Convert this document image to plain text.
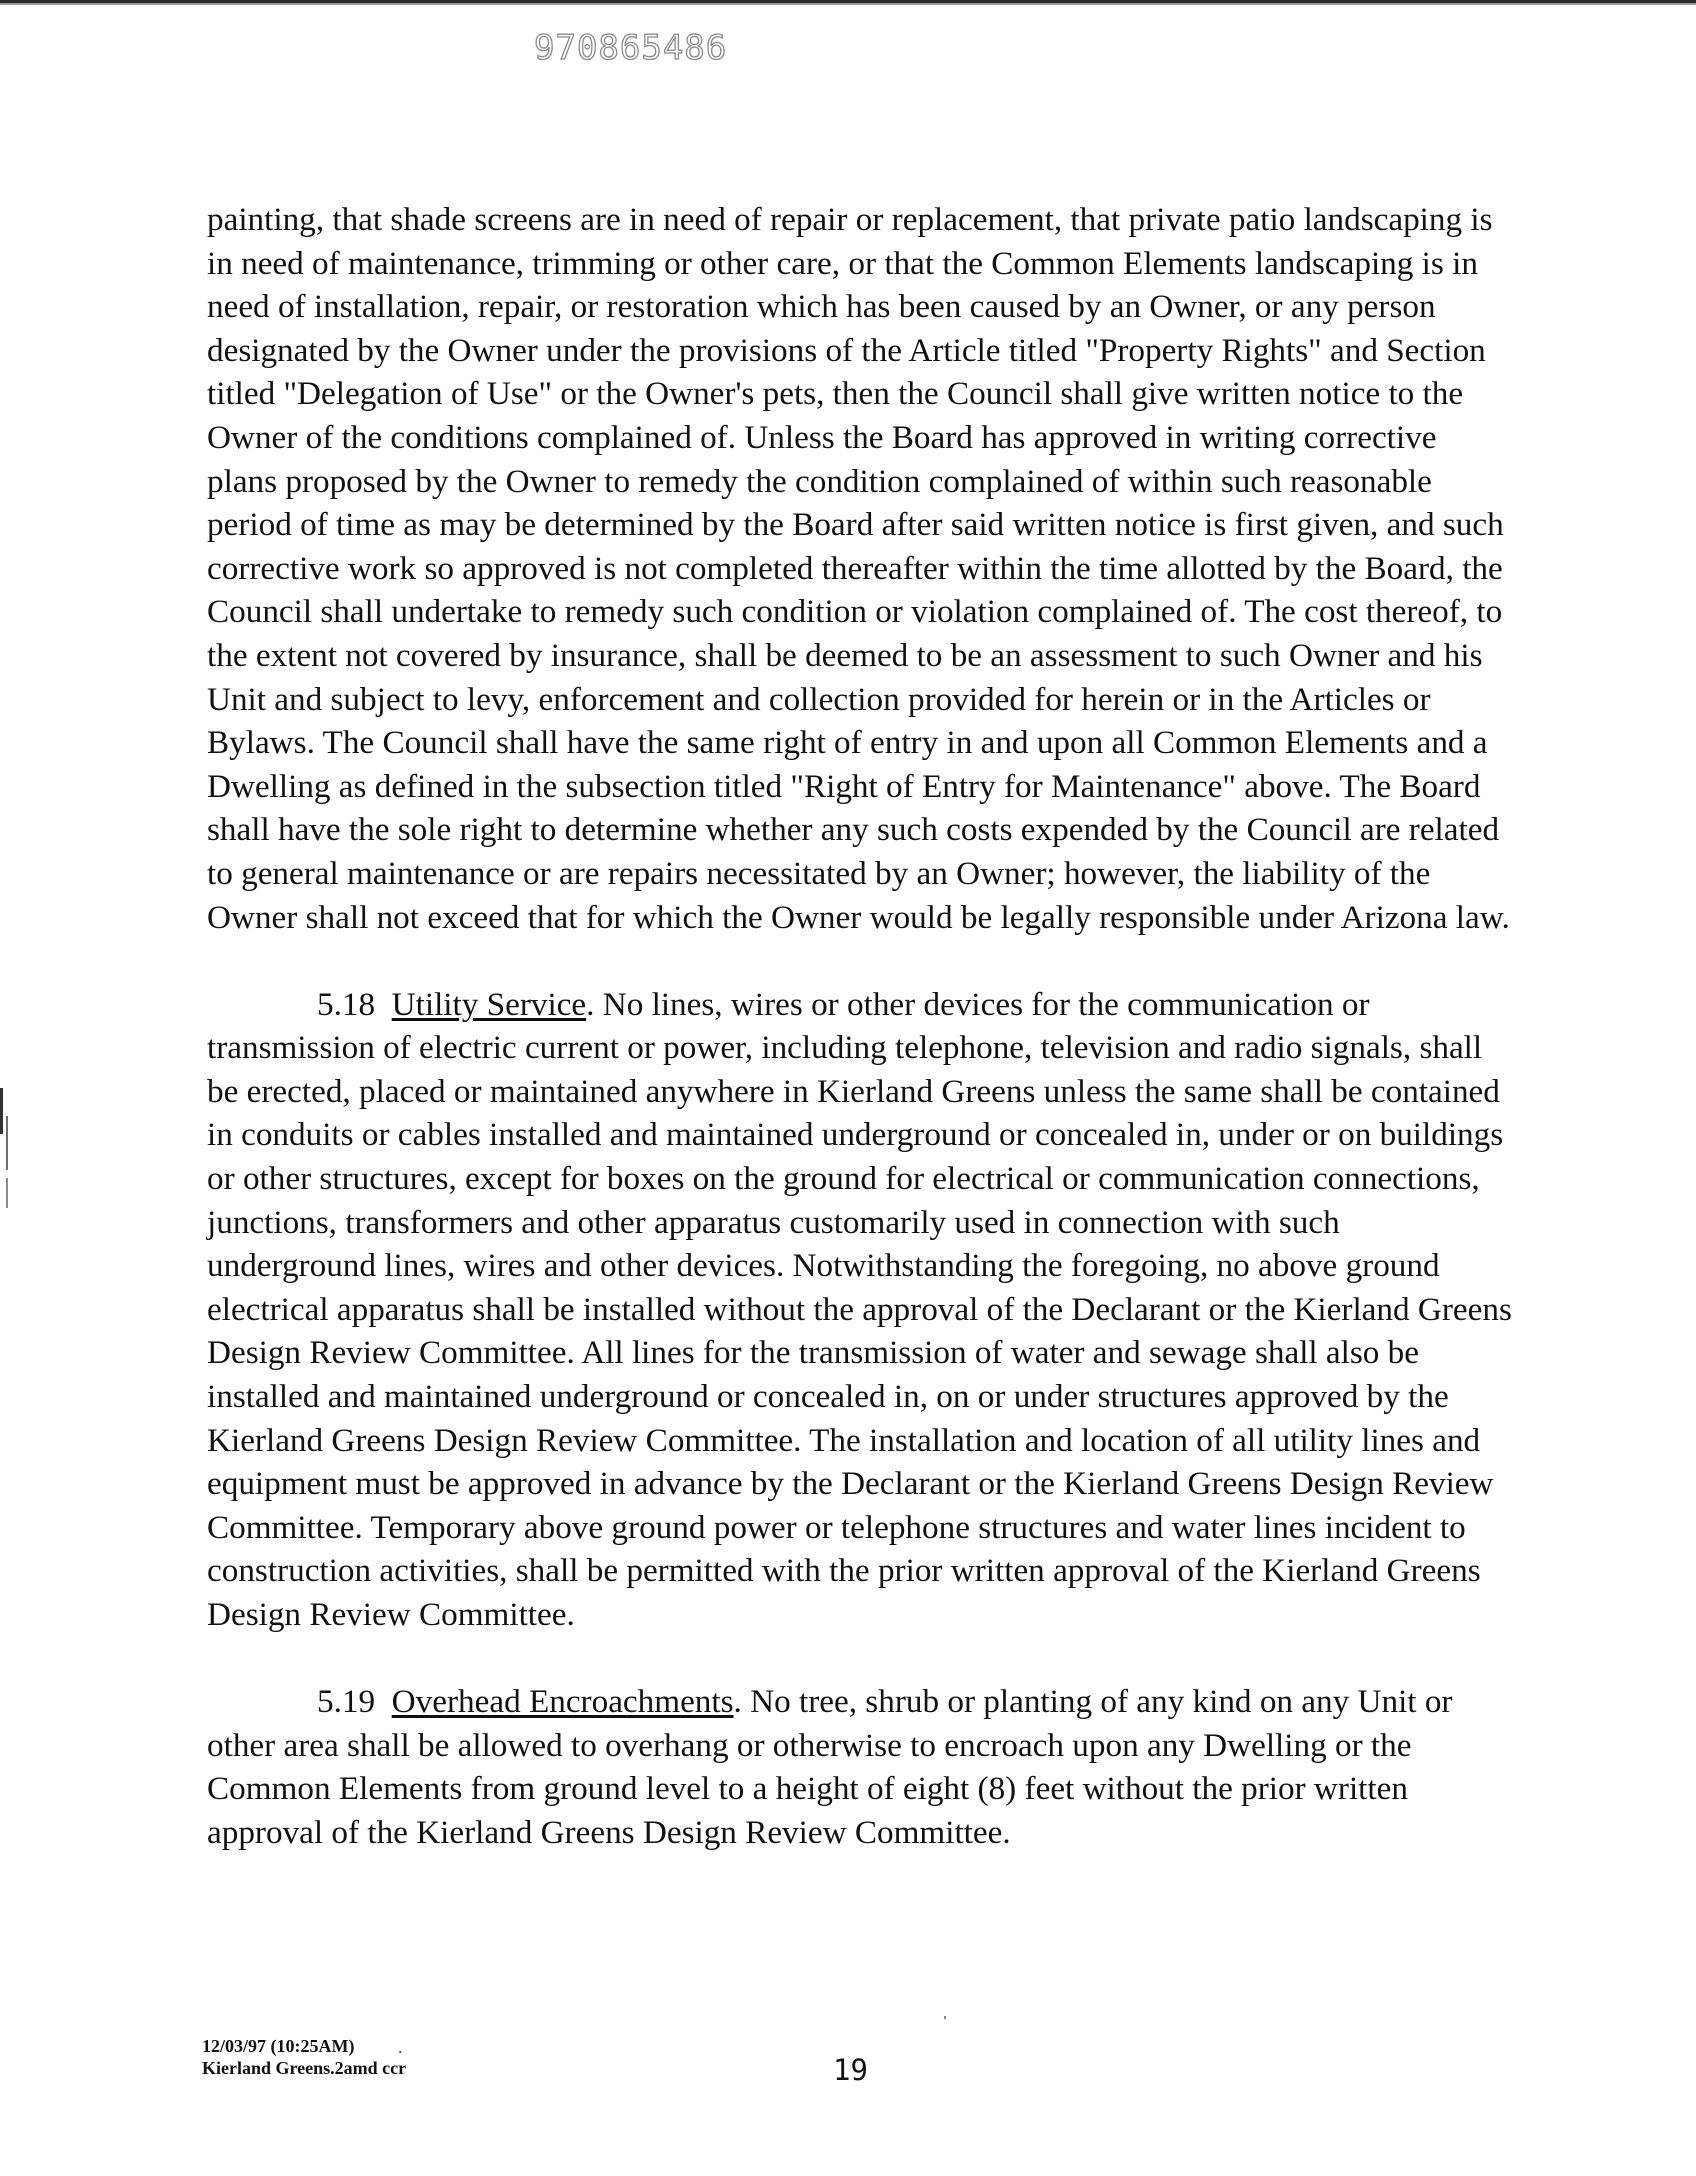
970865486

painting, that shade screens are in need of repair or replacement, that private patio landscaping is in need of maintenance, trimming or other care, or that the Common Elements landscaping is in need of installation, repair, or restoration which has been caused by an Owner, or any person designated by the Owner under the provisions of the Article titled "Property Rights" and Section titled "Delegation of Use" or the Owner's pets, then the Council shall give written notice to the Owner of the conditions complained of. Unless the Board has approved in writing corrective plans proposed by the Owner to remedy the condition complained of within such reasonable period of time as may be determined by the Board after said written notice is first given, and such corrective work so approved is not completed thereafter within the time allotted by the Board, the Council shall undertake to remedy such condition or violation complained of. The cost thereof, to the extent not covered by insurance, shall be deemed to be an assessment to such Owner and his Unit and subject to levy, enforcement and collection provided for herein or in the Articles or Bylaws. The Council shall have the same right of entry in and upon all Common Elements and a Dwelling as defined in the subsection titled "Right of Entry for Maintenance" above. The Board shall have the sole right to determine whether any such costs expended by the Council are related to general maintenance or are repairs necessitated by an Owner; however, the liability of the Owner shall not exceed that for which the Owner would be legally responsible under Arizona law.

5.18 Utility Service. No lines, wires or other devices for the communication or transmission of electric current or power, including telephone, television and radio signals, shall be erected, placed or maintained anywhere in Kierland Greens unless the same shall be contained in conduits or cables installed and maintained underground or concealed in, under or on buildings or other structures, except for boxes on the ground for electrical or communication connections, junctions, transformers and other apparatus customarily used in connection with such underground lines, wires and other devices. Notwithstanding the foregoing, no above ground electrical apparatus shall be installed without the approval of the Declarant or the Kierland Greens Design Review Committee. All lines for the transmission of water and sewage shall also be installed and maintained underground or concealed in, on or under structures approved by the Kierland Greens Design Review Committee. The installation and location of all utility lines and equipment must be approved in advance by the Declarant or the Kierland Greens Design Review Committee. Temporary above ground power or telephone structures and water lines incident to construction activities, shall be permitted with the prior written approval of the Kierland Greens Design Review Committee.

5.19 Overhead Encroachments. No tree, shrub or planting of any kind on any Unit or other area shall be allowed to overhang or otherwise to encroach upon any Dwelling or the Common Elements from ground level to a height of eight (8) feet without the prior written approval of the Kierland Greens Design Review Committee.

12/03/97 (10:25AM)
Kierland Greens.2amd ccr
.
19
